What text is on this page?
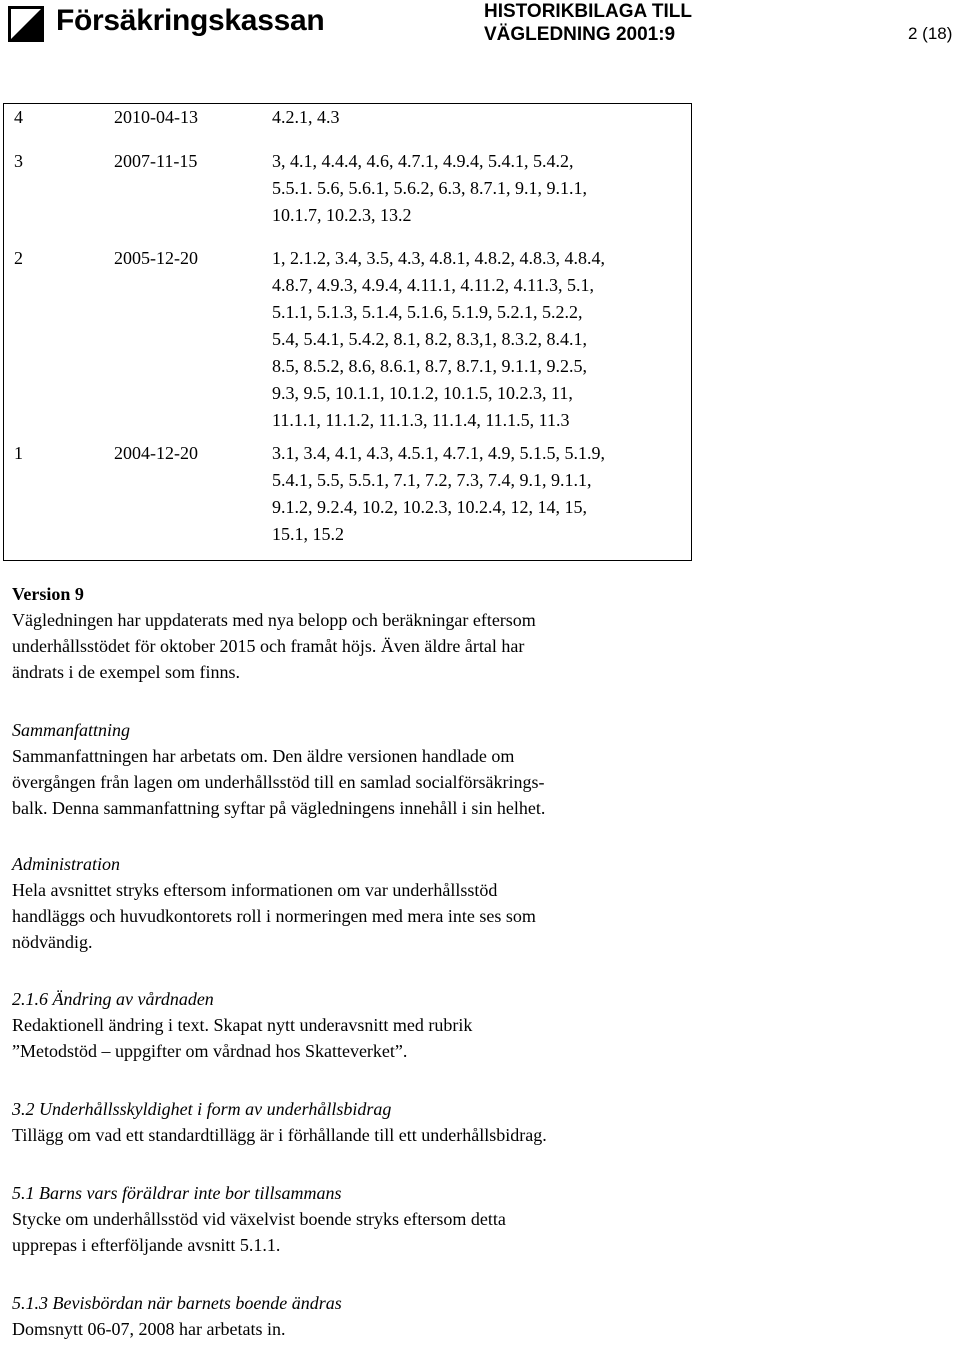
Försäkringskassan	HISTORIKBILAGA TILL
VÄGLEDNING 2001:9	2 (18)
4	2010-04-13	4.2.1, 4.3
3	2007-11-15	3, 4.1, 4.4.4, 4.6, 4.7.1, 4.9.4, 5.4.1, 5.4.2,
5.5.1. 5.6, 5.6.1, 5.6.2, 6.3, 8.7.1, 9.1, 9.1.1,
10.1.7, 10.2.3, 13.2
2	2005-12-20	1, 2.1.2, 3.4, 3.5, 4.3, 4.8.1, 4.8.2, 4.8.3, 4.8.4,
4.8.7, 4.9.3, 4.9.4, 4.11.1, 4.11.2, 4.11.3, 5.1,
5.1.1, 5.1.3, 5.1.4, 5.1.6, 5.1.9, 5.2.1, 5.2.2,
5.4, 5.4.1, 5.4.2, 8.1, 8.2, 8.3,1, 8.3.2, 8.4.1,
8.5, 8.5.2, 8.6, 8.6.1, 8.7, 8.7.1, 9.1.1, 9.2.5,
9.3, 9.5, 10.1.1, 10.1.2, 10.1.5, 10.2.3, 11,
11.1.1, 11.1.2, 11.1.3, 11.1.4, 11.1.5, 11.3
1	2004-12-20	3.1, 3.4, 4.1, 4.3, 4.5.1, 4.7.1, 4.9, 5.1.5, 5.1.9,
5.4.1, 5.5, 5.5.1, 7.1, 7.2, 7.3, 7.4, 9.1, 9.1.1,
9.1.2, 9.2.4, 10.2, 10.2.3, 10.2.4, 12, 14, 15,
15.1, 15.2
Version 9
Vägledningen har uppdaterats med nya belopp och beräkningar eftersom
underhållsstödet för oktober 2015 och framåt höjs. Även äldre årtal har
ändrats i de exempel som finns.
Sammanfattning
Sammanfattningen har arbetats om. Den äldre versionen handlade om
övergången från lagen om underhållsstöd till en samlad socialförsäkrings-
balk. Denna sammanfattning syftar på vägledningens innehåll i sin helhet.
Administration
Hela avsnittet stryks eftersom informationen om var underhållsstöd
handläggs och huvudkontorets roll i normeringen med mera inte ses som
nödvändig.
2.1.6 Ändring av vårdnaden
Redaktionell ändring i text. Skapat nytt underavsnitt med rubrik
”Metodstöd – uppgifter om vårdnad hos Skatteverket”.
3.2 Underhållsskyldighet i form av underhållsbidrag
Tillägg om vad ett standardtillägg är i förhållande till ett underhållsbidrag.
5.1 Barns vars föräldrar inte bor tillsammans
Stycke om underhållsstöd vid växelvist boende stryks eftersom detta
upprepas i efterföljande avsnitt 5.1.1.
5.1.3 Bevisbördan när barnets boende ändras
Domsnytt 06-07, 2008 har arbetats in.
